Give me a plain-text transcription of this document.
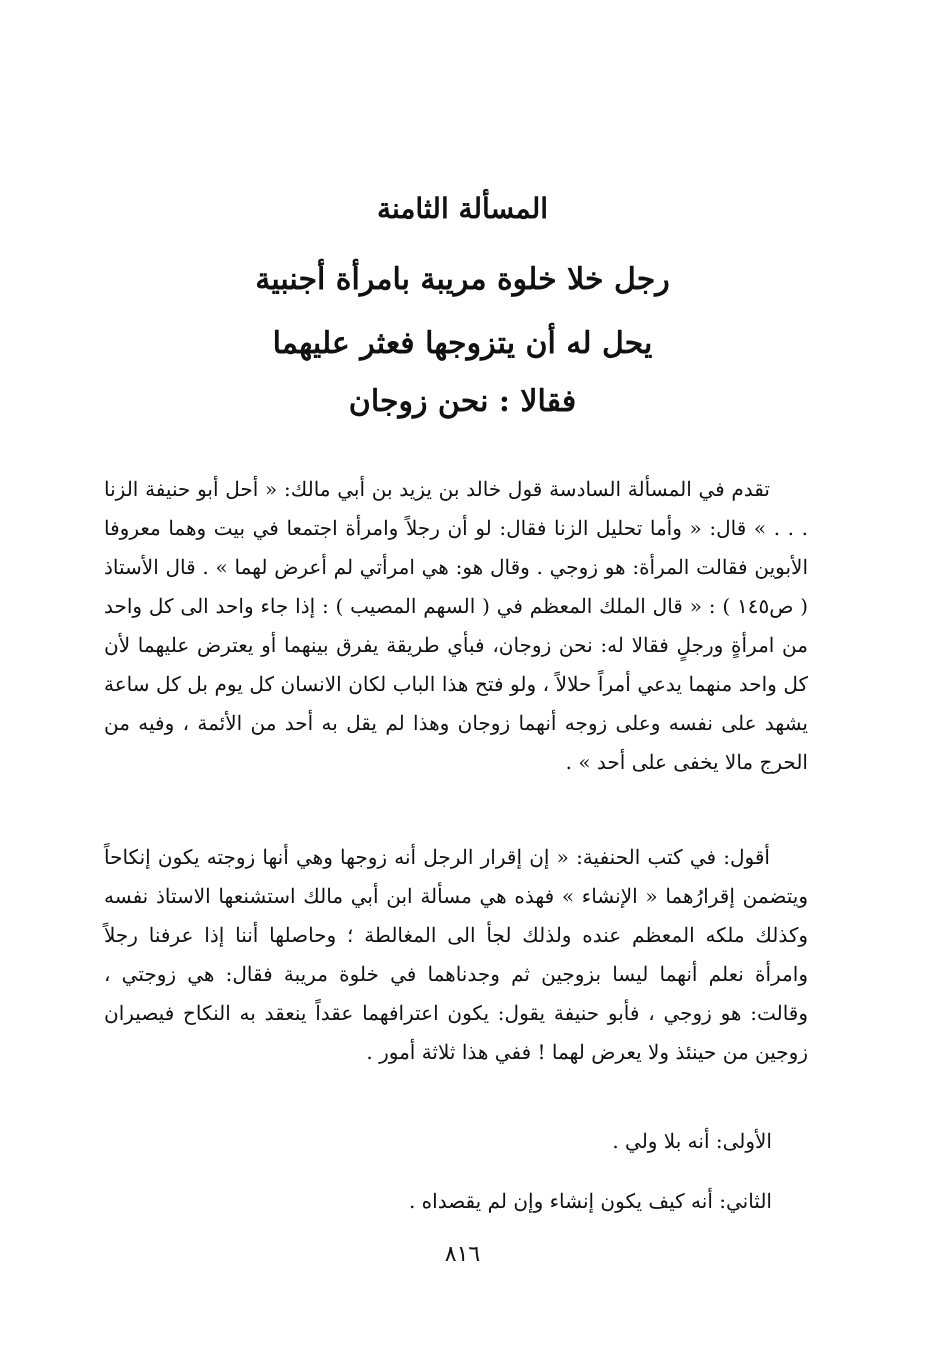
المسألة الثامنة
رجل خلا خلوة مريبة بامرأة أجنبية
يحل له أن يتزوجها فعثر عليهما
فقالا : نحن زوجان

تقدم في المسألة السادسة قول خالد بن يزيد بن أبي مالك: « أحل أبو حنيفة الزنا . . . » قال: « وأما تحليل الزنا فقال: لو أن رجلاً وامرأة اجتمعا في بيت وهما معروفا الأبوين فقالت المرأة: هو زوجي . وقال هو: هي امرأتي لم أعرض لهما » . قال الأستاذ ( ص١٤٥ ) : « قال الملك المعظم في ( السهم المصيب ) : إذا جاء واحد الى كل واحد من امرأةٍ ورجلٍ فقالا له: نحن زوجان، فبأي طريقة يفرق بينهما أو يعترض عليهما لأن كل واحد منهما يدعي أمراً حلالاً ، ولو فتح هذا الباب لكان الانسان كل يوم بل كل ساعة يشهد على نفسه وعلى زوجه أنهما زوجان وهذا لم يقل به أحد من الأئمة ، وفيه من الحرج مالا يخفى على أحد » .

أقول: في كتب الحنفية: « إن إقرار الرجل أنه زوجها وهي أنها زوجته يكون إنكاحاً ويتضمن إقرارُهما « الإنشاء » فهذه هي مسألة ابن أبي مالك استشنعها الاستاذ نفسه وكذلك ملكه المعظم عنده ولذلك لجأ الى المغالطة ؛ وحاصلها أننا إذا عرفنا رجلاً وامرأة نعلم أنهما ليسا بزوجين ثم وجدناهما في خلوة مريبة فقال: هي زوجتي ، وقالت: هو زوجي ، فأبو حنيفة يقول: يكون اعترافهما عقداً ينعقد به النكاح فيصيران زوجين من حينئذ ولا يعرض لهما ! ففي هذا ثلاثة أمور .

الأولى: أنه بلا ولي .

الثاني: أنه كيف يكون إنشاء وإن لم يقصداه .

٨١٦
